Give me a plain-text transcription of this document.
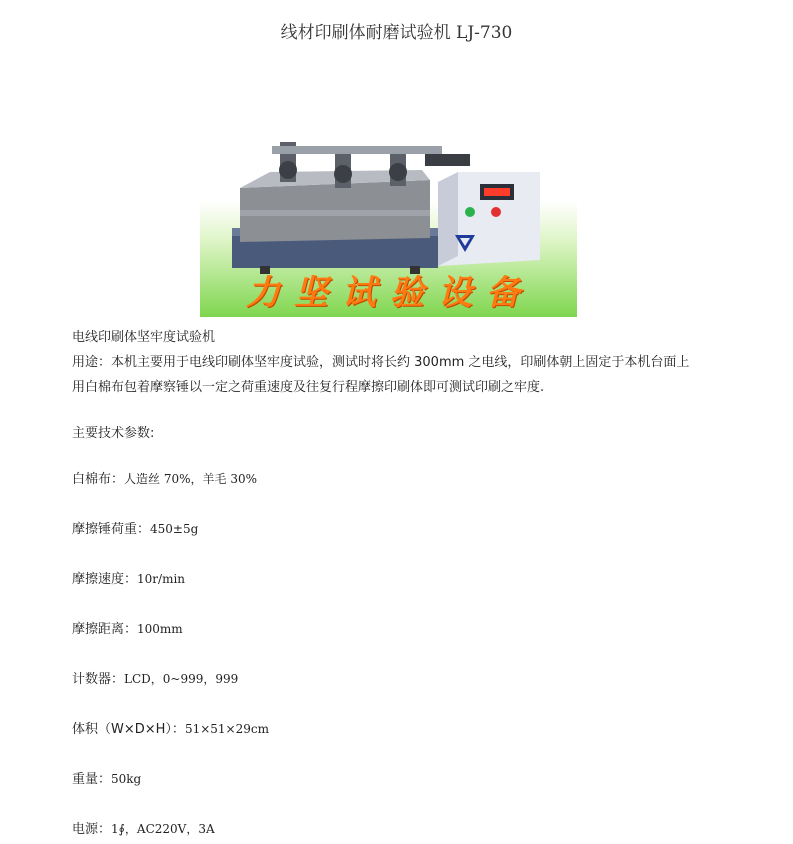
线材印刷体耐磨试验机 LJ-730
力坚试验设备
电线印刷体坚牢度试验机
用途：本机主要用于电线印刷体坚牢度试验，测试时将长约 300mm 之电线，印刷体朝上固定于本机台面上
用白棉布包着摩察锤以一定之荷重速度及往复行程摩擦印刷体即可测试印刷之牢度.
主要技术参数:
白棉布：人造丝 70%，羊毛 30%
摩擦锤荷重：450±5g
摩擦速度：10r/min
摩擦距离：100mm
计数器：LCD，0~999，999
体积（W×D×H）：51×51×29cm
重量：50kg
电源：1∮，AC220V，3A
